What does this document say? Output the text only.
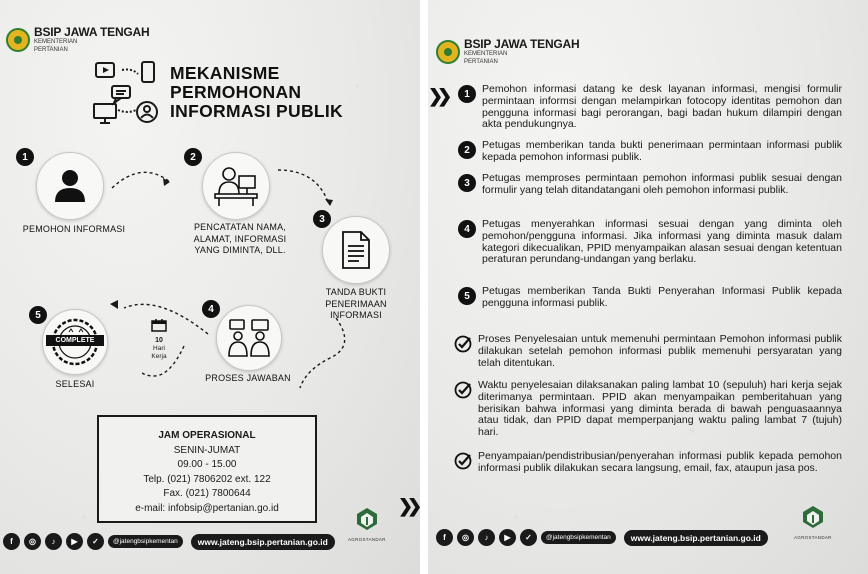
BSIP JAWA TENGAH
KEMENTERIAN
PERTANIAN
MEKANISME
PERMOHONAN
INFORMASI PUBLIK
1
PEMOHON INFORMASI
2
PENCATATAN NAMA, ALAMAT, INFORMASI YANG DIMINTA, DLL.
3
TANDA BUKTI PENERIMAAN INFORMASI
4
PROSES JAWABAN
10
Hari
Kerja
5
COMPLETE
SELESAI
JAM OPERASIONAL
SENIN-JUMAT
09.00 - 15.00
Telp. (021) 7806202 ext. 122
Fax. (021) 7800644
e-mail: infobsip@pertanian.go.id	❯❯
f	◎	♪	▶	✓	@jatengbsipkementan	www.jateng.bsip.pertanian.go.id	AGROSTANDAR
BSIP JAWA TENGAH
KEMENTERIAN
PERTANIAN
❯❯	1	Pemohon informasi datang ke desk layanan informasi, mengisi formulir permintaan informsi dengan melampirkan fotocopy identitas pemohon dan pengguna informasi bagi perorangan, bagi badan hukum dilampiri dengan akta pendukungnya.
2	Petugas memberikan tanda bukti penerimaan permintaan informasi publik kepada pemohon informasi publik.
3	Petugas memproses permintaan pemohon informasi publik sesuai dengan formulir yang telah ditandatangani oleh pemohon informasi publik.
4	Petugas menyerahkan informasi sesuai dengan yang diminta oleh pemohon/pengguna informasi. Jika informasi yang diminta masuk dalam kategori dikecualikan, PPID menyampaikan alasan sesuai dengan ketentuan peraturan perundang-undangan yang berlaku.
5	Petugas memberikan Tanda Bukti Penyerahan Informasi Publik kepada pengguna informasi publik.
Proses Penyelesaian untuk memenuhi permintaan Pemohon informasi publik dilakukan setelah pemohon informasi publik memenuhi persyaratan yang telah ditentukan.
Waktu penyelesaian dilaksanakan paling lambat 10 (sepuluh) hari kerja sejak diterimanya permintaan. PPID akan menyampaikan pemberitahuan yang berisikan bahwa informasi yang diminta berada di bawah penguasaannya atau tidak, dan PPID dapat memperpanjang waktu paling lambat 7 (tujuh) hari.
Penyampaian/pendistribusian/penyerahan informasi publik kepada pemohon informasi publik dilakukan secara langsung, email, fax, ataupun jasa pos.
f	◎	♪	▶	✓	@jatengbsipkementan	www.jateng.bsip.pertanian.go.id	AGROSTANDAR
